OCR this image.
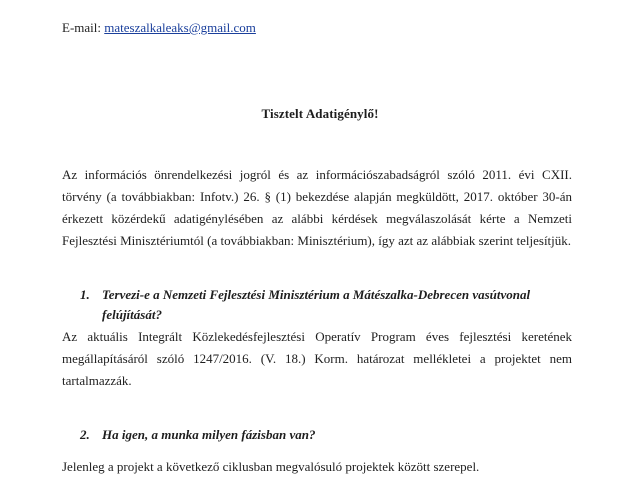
E-mail: mateszalkaleaks@gmail.com
Tisztelt Adatigénylő!

Az információs önrendelkezési jogról és az információszabadságról szóló 2011. évi CXII. törvény (a továbbiakban: Infotv.) 26. § (1) bekezdése alapján megküldött, 2017. október 30-án érkezett közérdekű adatigénylésében az alábbi kérdések megválaszolását kérte a Nemzeti Fejlesztési Minisztériumtól (a továbbiakban: Minisztérium), így azt az alábbiak szerint teljesítjük.

1. Tervezi-e a Nemzeti Fejlesztési Minisztérium a Mátészalka-Debrecen vasútvonal felújítását?

Az aktuális Integrált Közlekedésfejlesztési Operatív Program éves fejlesztési keretének megállapításáról szóló 1247/2016. (V. 18.) Korm. határozat mellékletei a projektet nem tartalmazzák.

2. Ha igen, a munka milyen fázisban van?

Jelenleg a projekt a következő ciklusban megvalósuló projektek között szerepel.
